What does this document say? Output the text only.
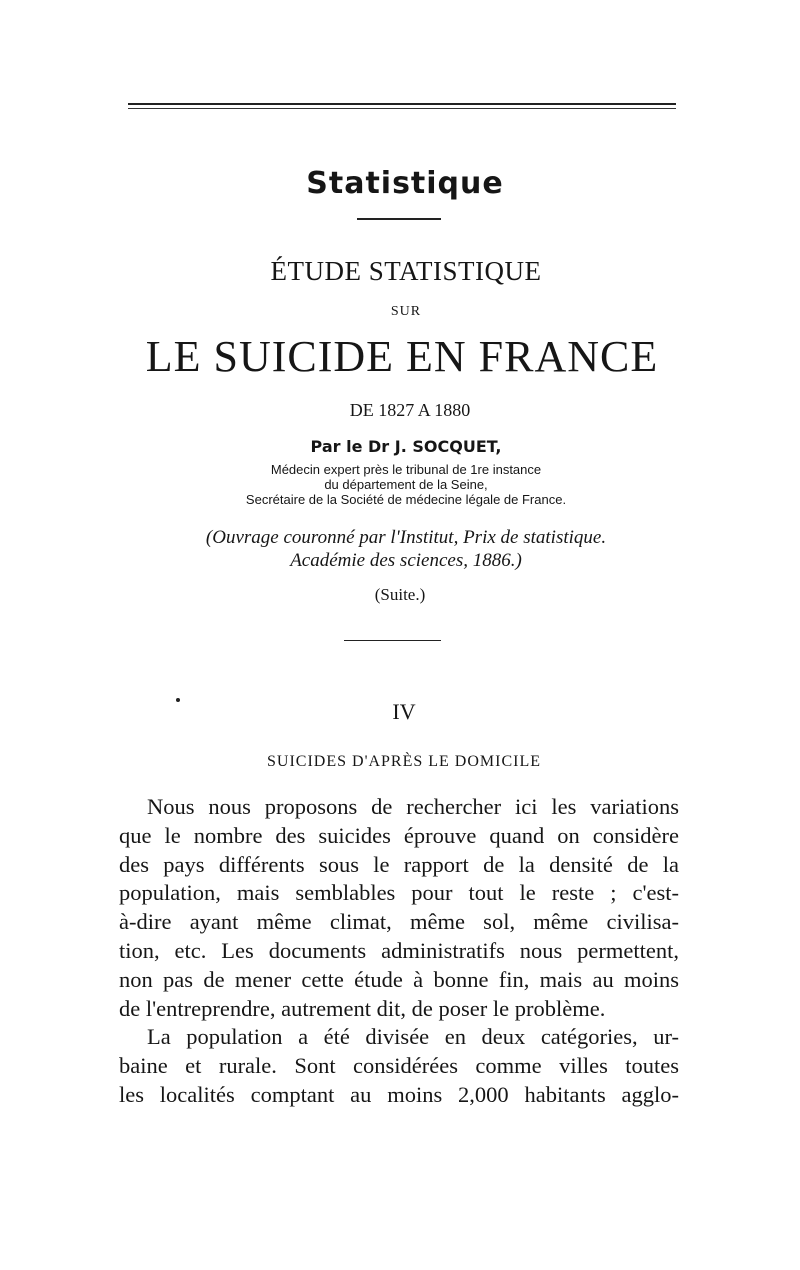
Statistique
ÉTUDE STATISTIQUE
SUR
LE SUICIDE EN FRANCE
DE 1827 A 1880
Par le Dr J. SOCQUET,
Médecin expert près le tribunal de 1re instance
du département de la Seine,
Secrétaire de la Société de médecine légale de France.
(Ouvrage couronné par l'Institut, Prix de statistique.
Académie des sciences, 1886.)
(Suite.)
IV
SUICIDES D'APRÈS LE DOMICILE
Nous nous proposons de rechercher ici les variations
que le nombre des suicides éprouve quand on considère
des pays différents sous le rapport de la densité de la
population, mais semblables pour tout le reste ; c'est-
à-dire ayant même climat, même sol, même civilisa-
tion, etc. Les documents administratifs nous permettent,
non pas de mener cette étude à bonne fin, mais au moins
de l'entreprendre, autrement dit, de poser le problème.
La population a été divisée en deux catégories, ur-
baine et rurale. Sont considérées comme villes toutes
les localités comptant au moins 2,000 habitants agglo-
